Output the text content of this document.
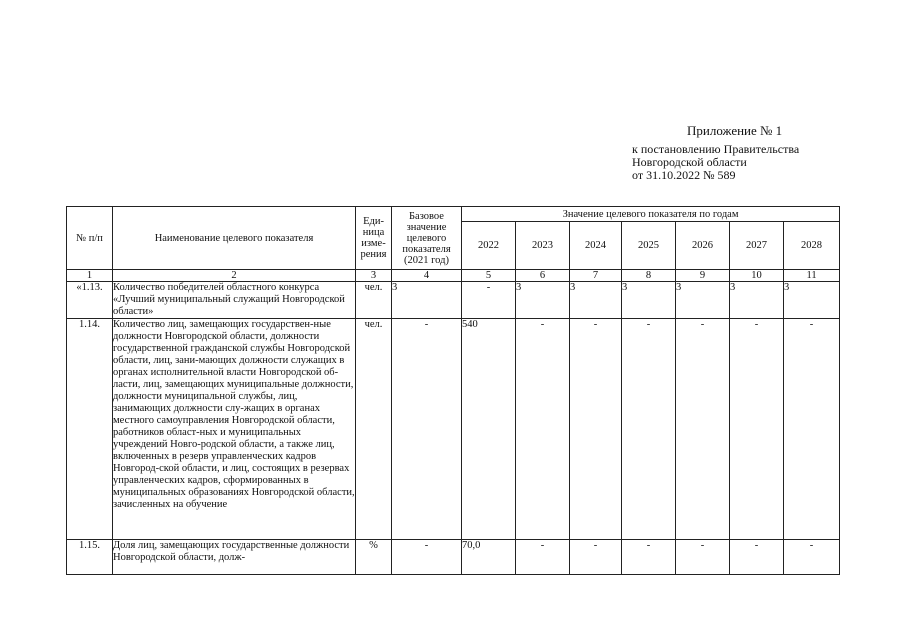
Приложение № 1
к постановлению Правительства
Новгородской области
от 31.10.2022 № 589
№ п/п	Наименование целевого показателя	Еди- ница изме- рения	Базовое значение целевого показателя (2021 год)	Значение целевого показателя по годам						
				2022	2023	2024	2025	2026	2027	2028
1	2	3	4	5	6	7	8	9	10	11
«1.13.	Количество победителей областного конкурса «Лучший муниципальный служащий Новгородской области»	чел.	3	-	3	3	3	3	3	3
1.14.	Количество лиц, замещающих государствен-ные должности Новгородской области, должности государственной гражданской службы Новгородской области, лиц, зани-мающих должности служащих в органах исполнительной власти Новгородской об-ласти, лиц, замещающих муниципальные должности, должности муниципальной службы, лиц, занимающих должности слу-жащих в органах местного самоуправления Новгородской области, работников област-ных и муниципальных учреждений Новго-родской области, а также лиц, включенных в резерв управленческих кадров Новгород-ской области, и лиц, состоящих в резервах управленческих кадров, сформированных в муниципальных образованиях Новгородской области, зачисленных на обучение	чел.	-	540	-	-	-	-	-	-
1.15.	Доля лиц, замещающих государственные должности Новгородской области, долж-	%	-	70,0	-	-	-	-	-	-
